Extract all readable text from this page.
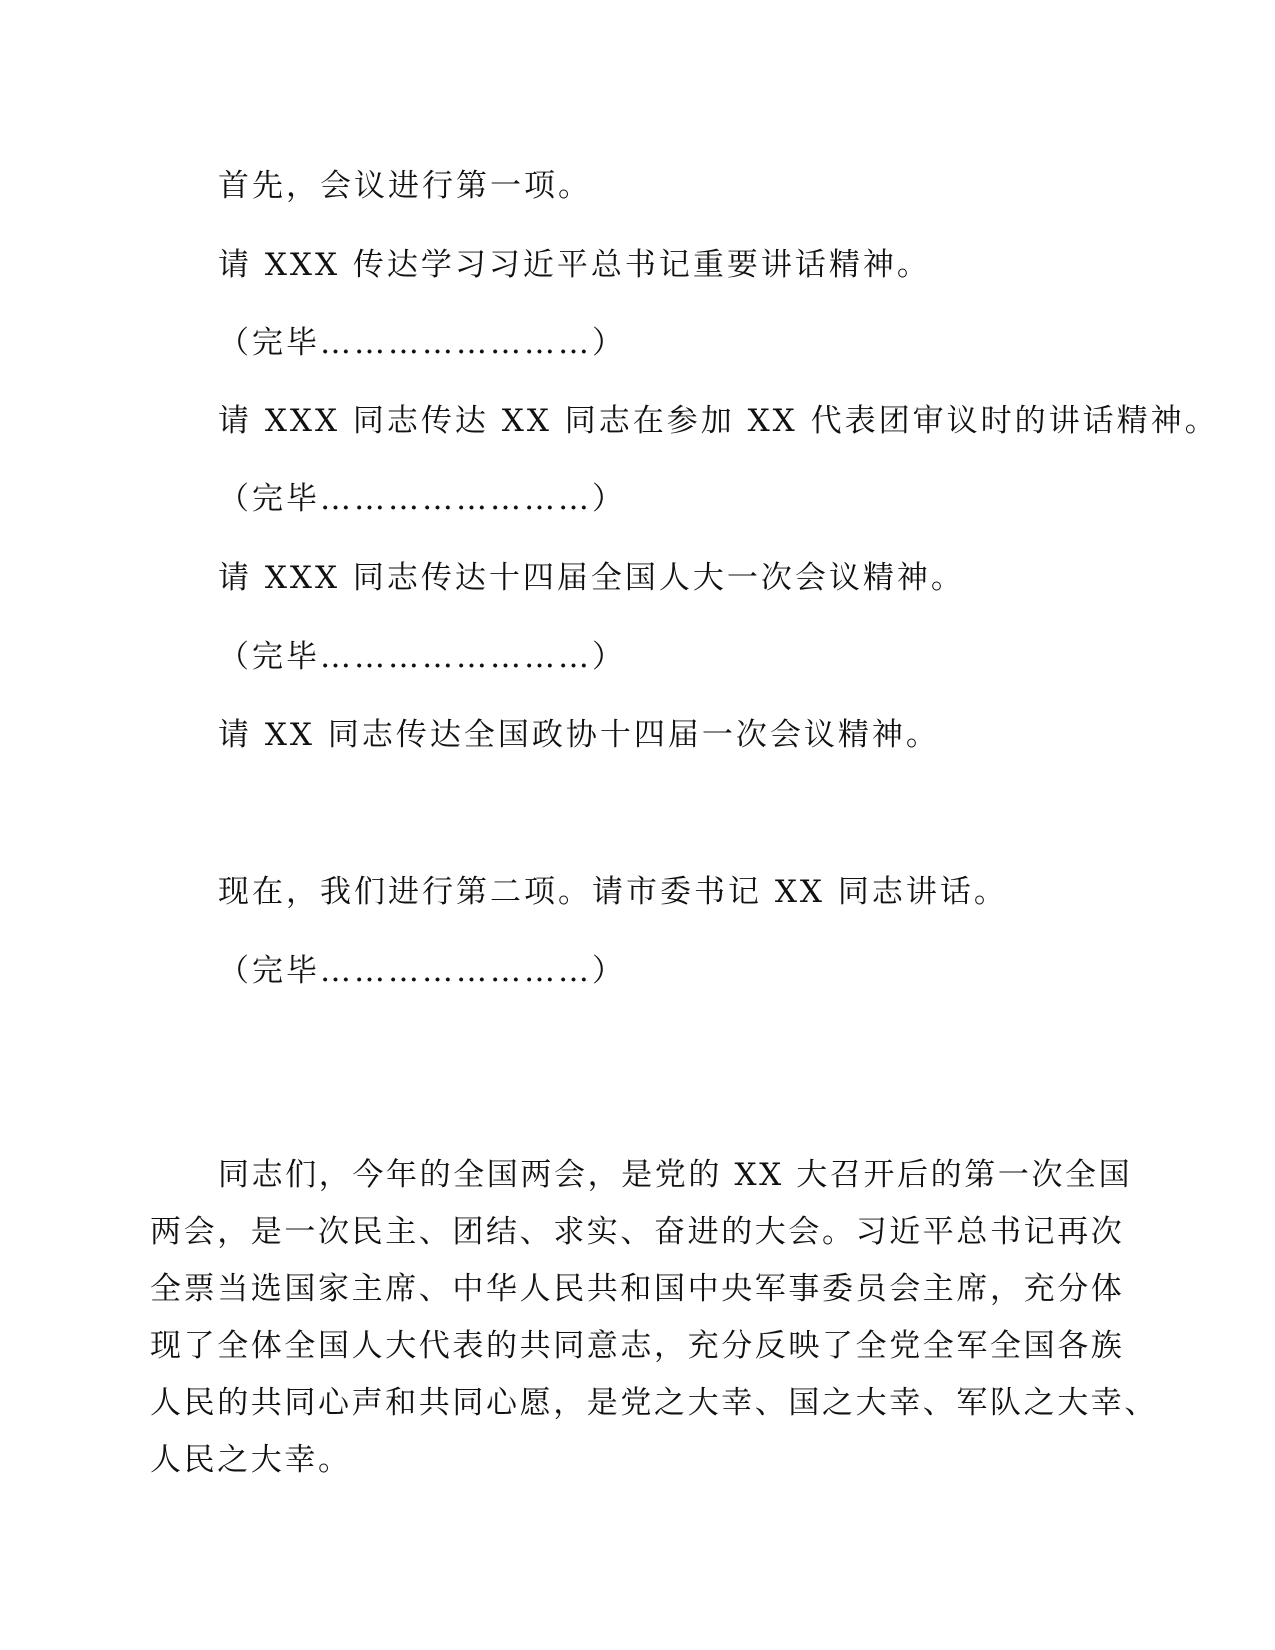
首先，会议进行第一项。
请 XXX 传达学习习近平总书记重要讲话精神。
（完毕……………………）
请 XXX 同志传达 XX 同志在参加 XX 代表团审议时的讲话精神。
（完毕……………………）
请 XXX 同志传达十四届全国人大一次会议精神。
（完毕……………………）
请 XX 同志传达全国政协十四届一次会议精神。
现在，我们进行第二项。请市委书记 XX 同志讲话。
（完毕……………………）
同志们，今年的全国两会，是党的 XX 大召开后的第一次全国
两会，是一次民主、团结、求实、奋进的大会。习近平总书记再次
全票当选国家主席、中华人民共和国中央军事委员会主席，充分体
现了全体全国人大代表的共同意志，充分反映了全党全军全国各族
人民的共同心声和共同心愿，是党之大幸、国之大幸、军队之大幸、
人民之大幸。
